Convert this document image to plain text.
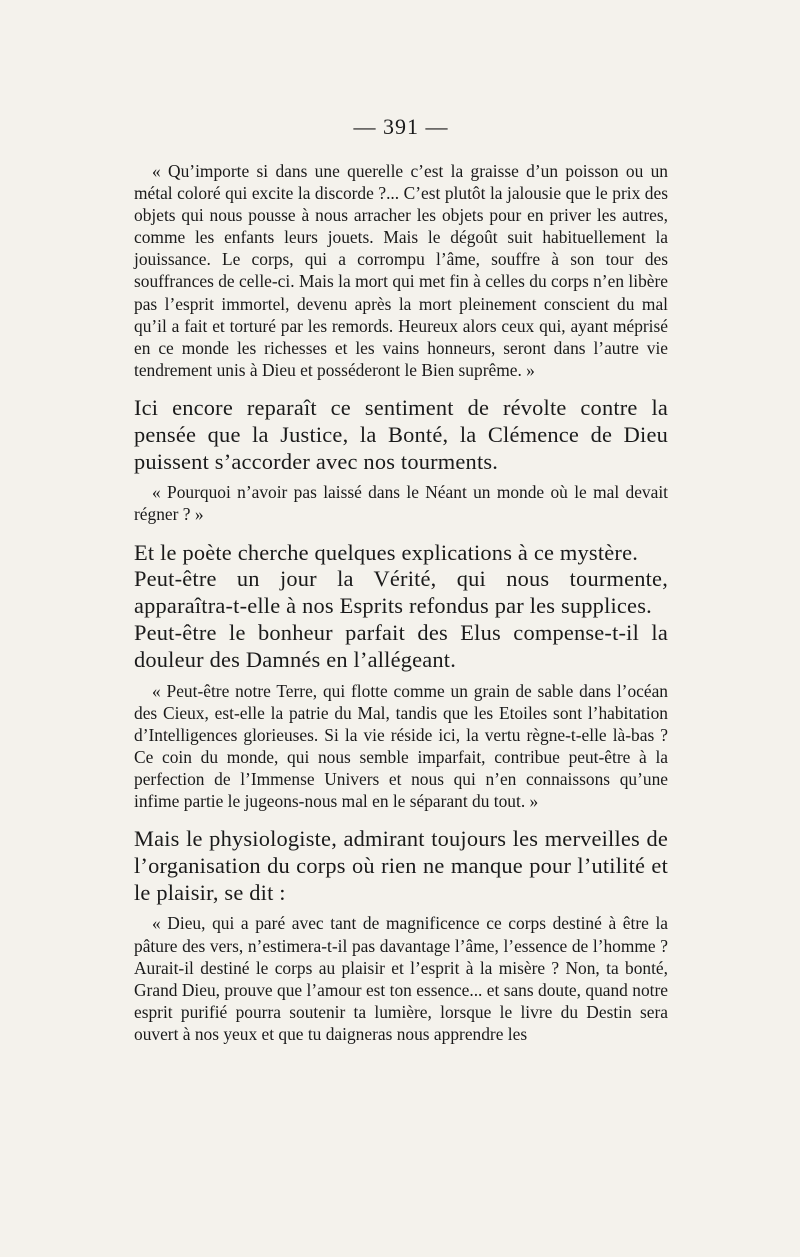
— 391 —

« Qu’importe si dans une querelle c’est la graisse d’un poisson ou un métal coloré qui excite la discorde ?... C’est plutôt la jalousie que le prix des objets qui nous pousse à nous arracher les objets pour en priver les autres, comme les enfants leurs jouets. Mais le dégoût suit habituellement la jouissance. Le corps, qui a corrompu l’âme, souffre à son tour des souffrances de celle-ci. Mais la mort qui met fin à celles du corps n’en libère pas l’esprit immortel, devenu après la mort pleinement conscient du mal qu’il a fait et torturé par les remords. Heureux alors ceux qui, ayant méprisé en ce monde les richesses et les vains honneurs, seront dans l’autre vie tendrement unis à Dieu et posséderont le Bien suprême. »

Ici encore reparaît ce sentiment de révolte contre la pensée que la Justice, la Bonté, la Clémence de Dieu puissent s’accorder avec nos tourments.

« Pourquoi n’avoir pas laissé dans le Néant un monde où le mal devait régner ? »

Et le poète cherche quelques explications à ce mystère.

Peut-être un jour la Vérité, qui nous tourmente, apparaîtra-t-elle à nos Esprits refondus par les supplices.

Peut-être le bonheur parfait des Elus compense-t-il la douleur des Damnés en l’allégeant.

« Peut-être notre Terre, qui flotte comme un grain de sable dans l’océan des Cieux, est-elle la patrie du Mal, tandis que les Etoiles sont l’habitation d’Intelligences glorieuses. Si la vie réside ici, la vertu règne-t-elle là-bas ? Ce coin du monde, qui nous semble imparfait, contribue peut-être à la perfection de l’Immense Univers et nous qui n’en connaissons qu’une infime partie le jugeons-nous mal en le séparant du tout. »

Mais le physiologiste, admirant toujours les merveilles de l’organisation du corps où rien ne manque pour l’utilité et le plaisir, se dit :

« Dieu, qui a paré avec tant de magnificence ce corps destiné à être la pâture des vers, n’estimera-t-il pas davantage l’âme, l’essence de l’homme ? Aurait-il destiné le corps au plaisir et l’esprit à la misère ? Non, ta bonté, Grand Dieu, prouve que l’amour est ton essence... et sans doute, quand notre esprit purifié pourra soutenir ta lumière, lorsque le livre du Destin sera ouvert à nos yeux et que tu daigneras nous apprendre les
